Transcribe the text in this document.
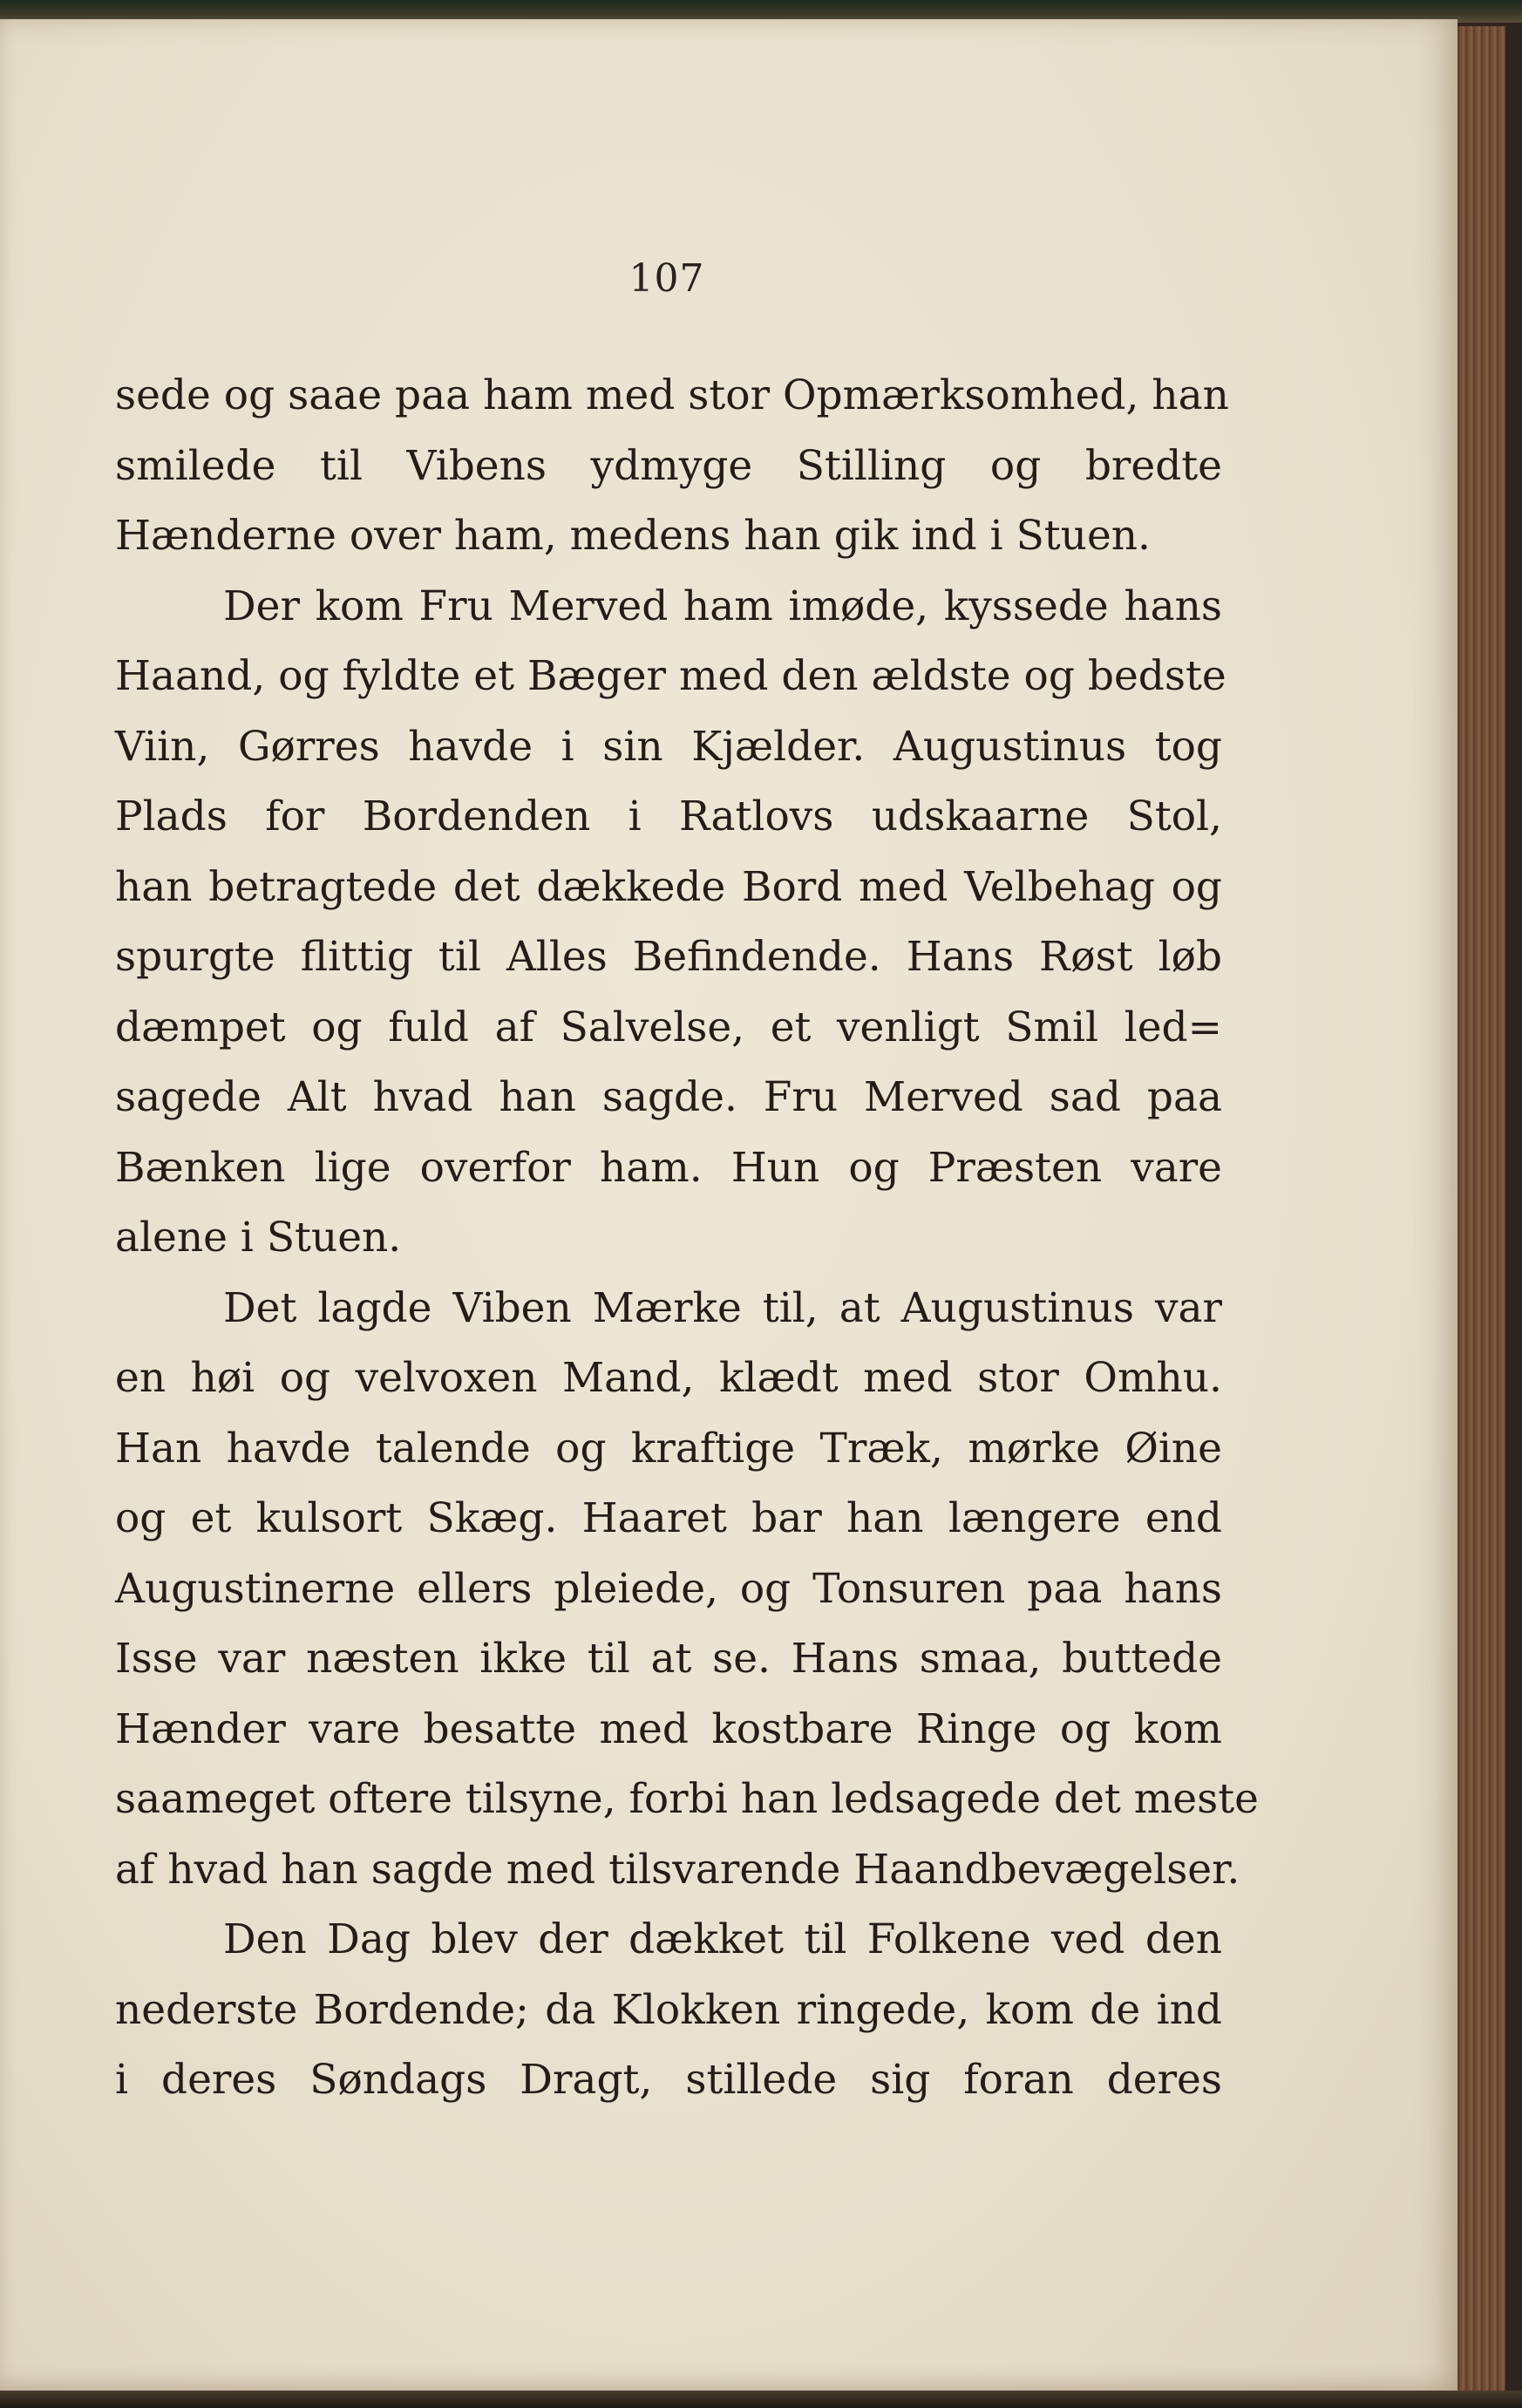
107
sede og saae paa ham med stor Opmærksomhed, han
smilede til Vibens ydmyge Stilling og bredte
Hænderne over ham, medens han gik ind i Stuen.
Der kom Fru Merved ham imøde, kyssede hans
Haand, og fyldte et Bæger med den ældste og bedste
Viin, Gørres havde i sin Kjælder. Augustinus tog
Plads for Bordenden i Ratlovs udskaarne Stol,
han betragtede det dækkede Bord med Velbehag og
spurgte flittig til Alles Befindende. Hans Røst løb
dæmpet og fuld af Salvelse, et venligt Smil led=
sagede Alt hvad han sagde. Fru Merved sad paa
Bænken lige overfor ham. Hun og Præsten vare
alene i Stuen.
Det lagde Viben Mærke til, at Augustinus var
en høi og velvoxen Mand, klædt med stor Omhu.
Han havde talende og kraftige Træk, mørke Øine
og et kulsort Skæg. Haaret bar han længere end
Augustinerne ellers pleiede, og Tonsuren paa hans
Isse var næsten ikke til at se. Hans smaa, buttede
Hænder vare besatte med kostbare Ringe og kom
saameget oftere tilsyne, forbi han ledsagede det meste
af hvad han sagde med tilsvarende Haandbevægelser.
Den Dag blev der dækket til Folkene ved den
nederste Bordende; da Klokken ringede, kom de ind
i deres Søndags Dragt, stillede sig foran deres
